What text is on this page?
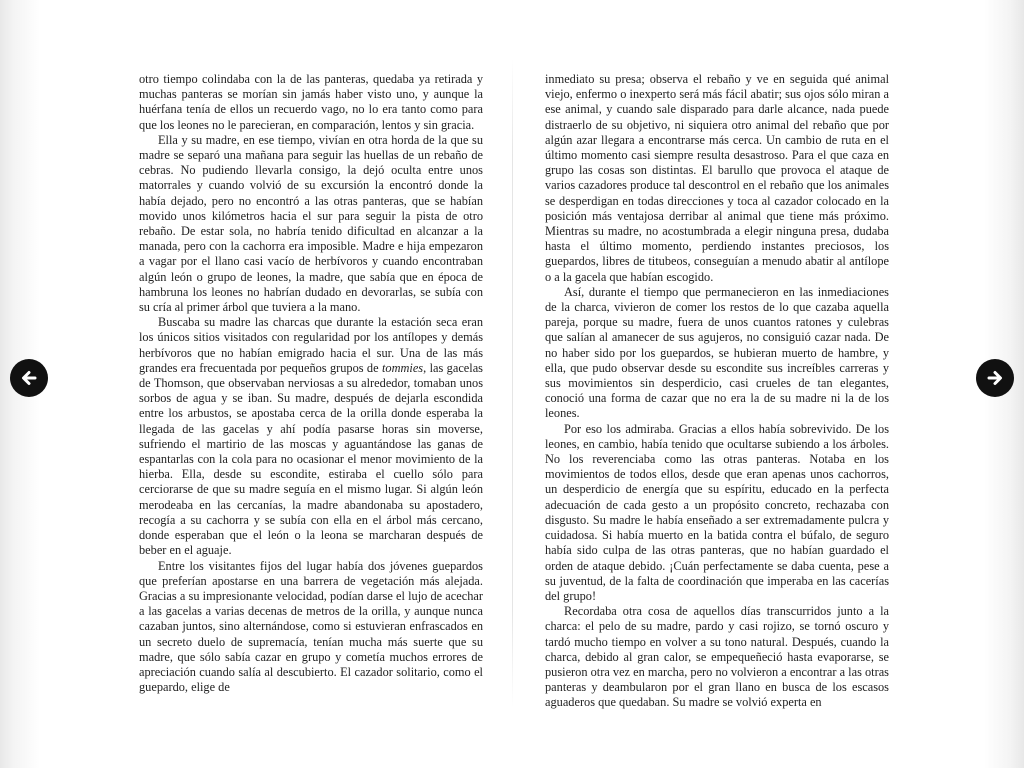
otro tiempo colindaba con la de las panteras, quedaba ya retirada y muchas panteras se morían sin jamás haber visto uno, y aunque la huérfana tenía de ellos un recuerdo vago, no lo era tanto como para que los leones no le parecieran, en comparación, lentos y sin gracia.

Ella y su madre, en ese tiempo, vivían en otra horda de la que su madre se separó una mañana para seguir las huellas de un rebaño de cebras. No pudiendo llevarla consigo, la dejó oculta entre unos matorrales y cuando volvió de su excursión la encontró donde la había dejado, pero no encontró a las otras panteras, que se habían movido unos kilómetros hacia el sur para seguir la pista de otro rebaño. De estar sola, no habría tenido dificultad en alcanzar a la manada, pero con la cachorra era imposible. Madre e hija empezaron a vagar por el llano casi vacío de herbívoros y cuando encontraban algún león o grupo de leones, la madre, que sabía que en época de hambruna los leones no habrían dudado en devorarlas, se subía con su cría al primer árbol que tuviera a la mano.

Buscaba su madre las charcas que durante la estación seca eran los únicos sitios visitados con regularidad por los antílopes y demás herbívoros que no habían emigrado hacia el sur. Una de las más grandes era frecuentada por pequeños grupos de tommies, las gacelas de Thomson, que observaban nerviosas a su alrededor, tomaban unos sorbos de agua y se iban. Su madre, después de dejarla escondida entre los arbustos, se apostaba cerca de la orilla donde esperaba la llegada de las gacelas y ahí podía pasarse horas sin moverse, sufriendo el martirio de las moscas y aguantándose las ganas de espantarlas con la cola para no ocasionar el menor movimiento de la hierba. Ella, desde su escondite, estiraba el cuello sólo para cerciorarse de que su madre seguía en el mismo lugar. Si algún león merodeaba en las cercanías, la madre abandonaba su apostadero, recogía a su cachorra y se subía con ella en el árbol más cercano, donde esperaban que el león o la leona se marcharan después de beber en el aguaje.

Entre los visitantes fijos del lugar había dos jóvenes guepardos que preferían apostarse en una barrera de vegetación más alejada. Gracias a su impresionante velocidad, podían darse el lujo de acechar a las gacelas a varias decenas de metros de la orilla, y aunque nunca cazaban juntos, sino alternándose, como si estuvieran enfrascados en un secreto duelo de supremacía, tenían mucha más suerte que su madre, que sólo sabía cazar en grupo y cometía muchos errores de apreciación cuando salía al descubierto. El cazador solitario, como el guepardo, elige de

inmediato su presa; observa el rebaño y ve en seguida qué animal viejo, enfermo o inexperto será más fácil abatir; sus ojos sólo miran a ese animal, y cuando sale disparado para darle alcance, nada puede distraerlo de su objetivo, ni siquiera otro animal del rebaño que por algún azar llegara a encontrarse más cerca. Un cambio de ruta en el último momento casi siempre resulta desastroso. Para el que caza en grupo las cosas son distintas. El barullo que provoca el ataque de varios cazadores produce tal descontrol en el rebaño que los animales se desperdigan en todas direcciones y toca al cazador colocado en la posición más ventajosa derribar al animal que tiene más próximo. Mientras su madre, no acostumbrada a elegir ninguna presa, dudaba hasta el último momento, perdiendo instantes preciosos, los guepardos, libres de titubeos, conseguían a menudo abatir al antílope o a la gacela que habían escogido.

Así, durante el tiempo que permanecieron en las inmediaciones de la charca, vivieron de comer los restos de lo que cazaba aquella pareja, porque su madre, fuera de unos cuantos ratones y culebras que salían al amanecer de sus agujeros, no consiguió cazar nada. De no haber sido por los guepardos, se hubieran muerto de hambre, y ella, que pudo observar desde su escondite sus increíbles carreras y sus movimientos sin desperdicio, casi crueles de tan elegantes, conoció una forma de cazar que no era la de su madre ni la de los leones.

Por eso los admiraba. Gracias a ellos había sobrevivido. De los leones, en cambio, había tenido que ocultarse subiendo a los árboles. No los reverenciaba como las otras panteras. Notaba en los movimientos de todos ellos, desde que eran apenas unos cachorros, un desperdicio de energía que su espíritu, educado en la perfecta adecuación de cada gesto a un propósito concreto, rechazaba con disgusto. Su madre le había enseñado a ser extremadamente pulcra y cuidadosa. Si había muerto en la batida contra el búfalo, de seguro había sido culpa de las otras panteras, que no habían guardado el orden de ataque debido. ¡Cuán perfectamente se daba cuenta, pese a su juventud, de la falta de coordinación que imperaba en las cacerías del grupo!

Recordaba otra cosa de aquellos días transcurridos junto a la charca: el pelo de su madre, pardo y casi rojizo, se tornó oscuro y tardó mucho tiempo en volver a su tono natural. Después, cuando la charca, debido al gran calor, se empequeñeció hasta evaporarse, se pusieron otra vez en marcha, pero no volvieron a encontrar a las otras panteras y deambularon por el gran llano en busca de los escasos aguaderos que quedaban. Su madre se volvió experta en
